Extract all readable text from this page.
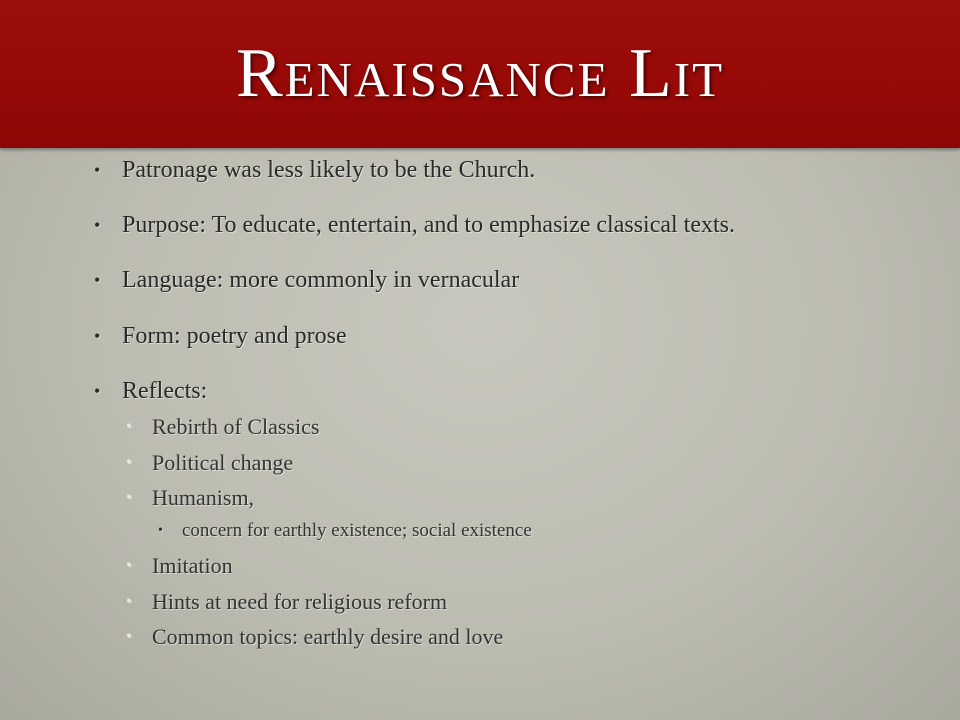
Renaissance Lit
• Patronage was less likely to be the Church.
• Purpose: To educate, entertain, and to emphasize classical texts.
• Language: more commonly in vernacular
• Form: poetry and prose
• Reflects:
• Rebirth of Classics
• Political change
• Humanism,
• concern for earthly existence; social existence
• Imitation
• Hints at need for religious reform
• Common topics: earthly desire and love
